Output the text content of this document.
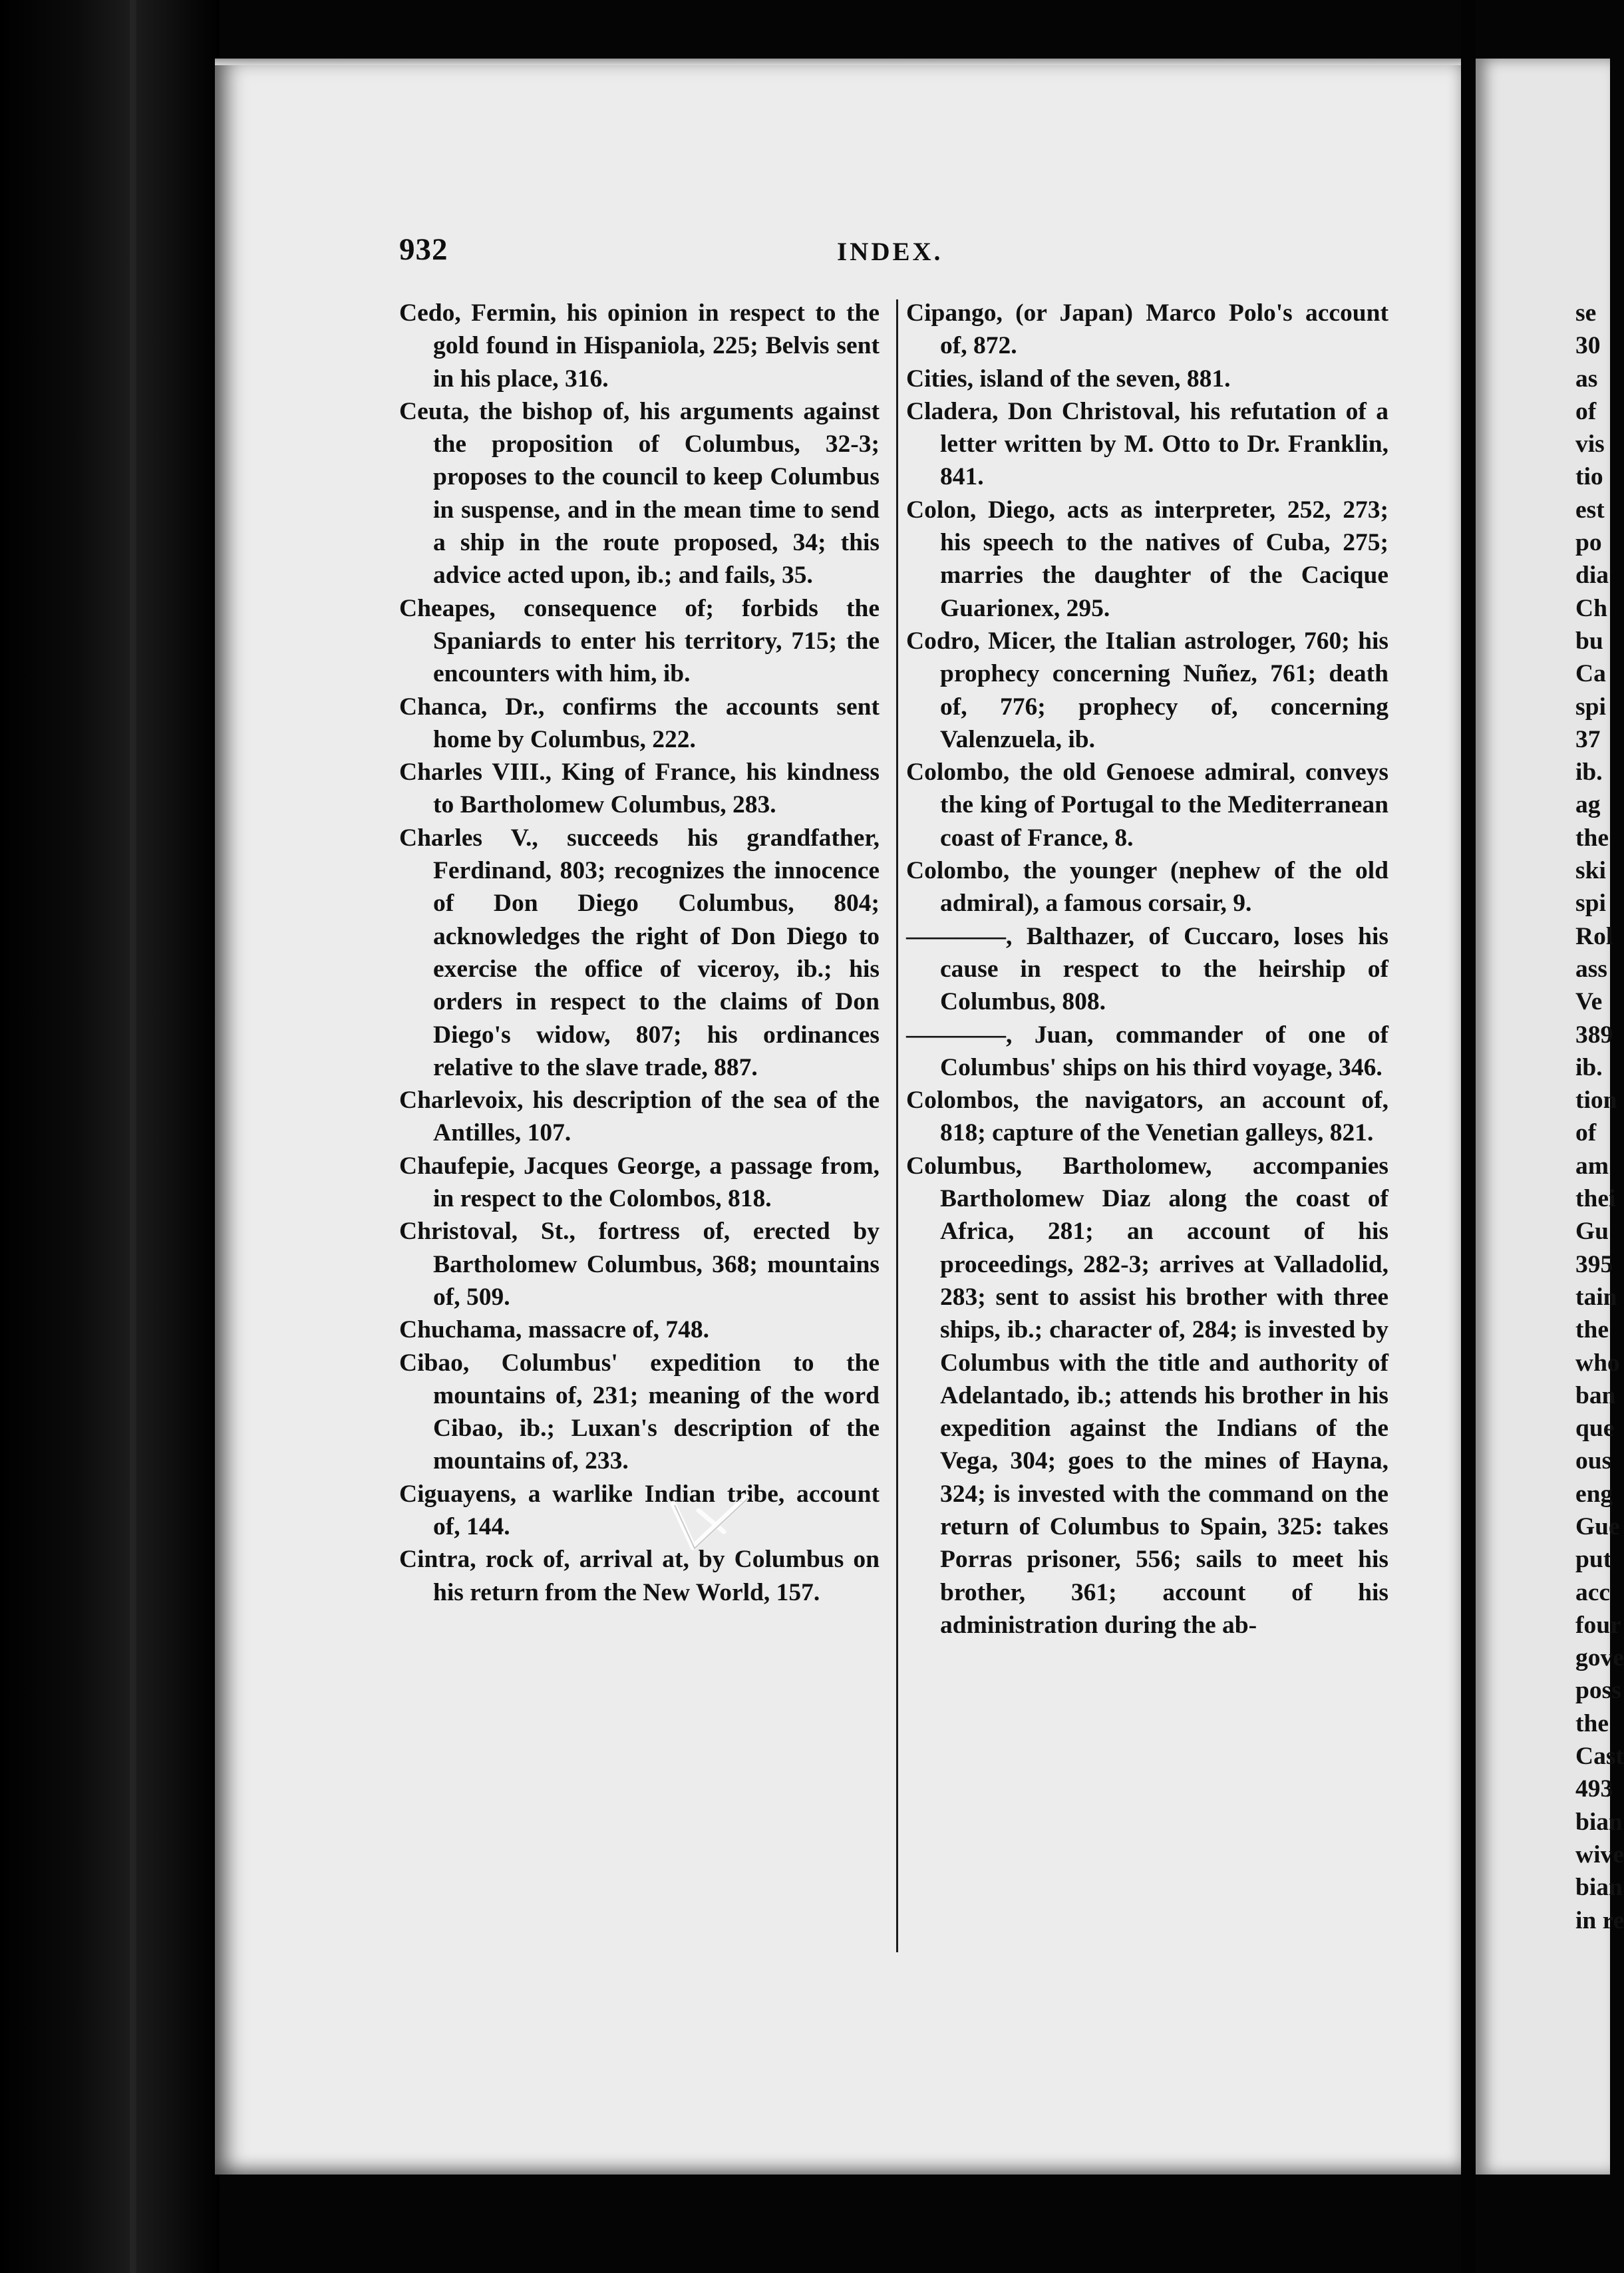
932	INDEX.

Cedo, Fermin, his opinion in respect to the gold found in Hispaniola, 225; Belvis sent in his place, 316.

Ceuta, the bishop of, his arguments against the proposition of Columbus, 32-3; proposes to the council to keep Columbus in suspense, and in the mean time to send a ship in the route proposed, 34; this advice acted upon, ib.; and fails, 35.

Cheapes, consequence of; forbids the Spaniards to enter his territory, 715; the encounters with him, ib.

Chanca, Dr., confirms the accounts sent home by Columbus, 222.

Charles VIII., King of France, his kindness to Bartholomew Columbus, 283.

Charles V., succeeds his grandfather, Ferdinand, 803; recognizes the innocence of Don Diego Columbus, 804; acknowledges the right of Don Diego to exercise the office of viceroy, ib.; his orders in respect to the claims of Don Diego's widow, 807; his ordinances relative to the slave trade, 887.

Charlevoix, his description of the sea of the Antilles, 107.

Chaufepie, Jacques George, a passage from, in respect to the Colombos, 818.

Christoval, St., fortress of, erected by Bartholomew Columbus, 368; mountains of, 509.

Chuchama, massacre of, 748.

Cibao, Columbus' expedition to the mountains of, 231; meaning of the word Cibao, ib.; Luxan's description of the mountains of, 233.

Ciguayens, a warlike Indian tribe, account of, 144.

Cintra, rock of, arrival at, by Columbus on his return from the New World, 157.

Cipango, (or Japan) Marco Polo's account of, 872.

Cities, island of the seven, 881.

Cladera, Don Christoval, his refutation of a letter written by M. Otto to Dr. Franklin, 841.

Colon, Diego, acts as interpreter, 252, 273; his speech to the natives of Cuba, 275; marries the daughter of the Cacique Guarionex, 295.

Codro, Micer, the Italian astrologer, 760; his prophecy concerning Nuñez, 761; death of, 776; prophecy of, concerning Valenzuela, ib.

Colombo, the old Genoese admiral, conveys the king of Portugal to the Mediterranean coast of France, 8.

Colombo, the younger (nephew of the old admiral), a famous corsair, 9.

————, Balthazer, of Cuccaro, loses his cause in respect to the heirship of Columbus, 808.

————, Juan, commander of one of Columbus' ships on his third voyage, 346.

Colombos, the navigators, an account of, 818; capture of the Venetian galleys, 821.

Columbus, Bartholomew, accompanies Bartholomew Diaz along the coast of Africa, 281; an account of his proceedings, 282-3; arrives at Valladolid, 283; sent to assist his brother with three ships, ib.; character of, 284; is invested by Columbus with the title and authority of Adelantado, ib.; attends his brother in his expedition against the Indians of the Vega, 304; goes to the mines of Hayna, 324; is invested with the command on the return of Columbus to Spain, 325: takes Porras prisoner, 556; sails to meet his brother, 361; account of his administration during the ab-

se
30
as
of
vis
tio
est
po
dia
Ch
bu
Ca
spi
37
ib.
ag
the
ski
spi
Rol
ass
Ve
389
ib.
tion
of
am
thei
Gu
395
tain
the
who
ban
que
ous
eng
Gue
put
acc
four
gove
poss
the
Cast
493
bian
wive
bian
in re
